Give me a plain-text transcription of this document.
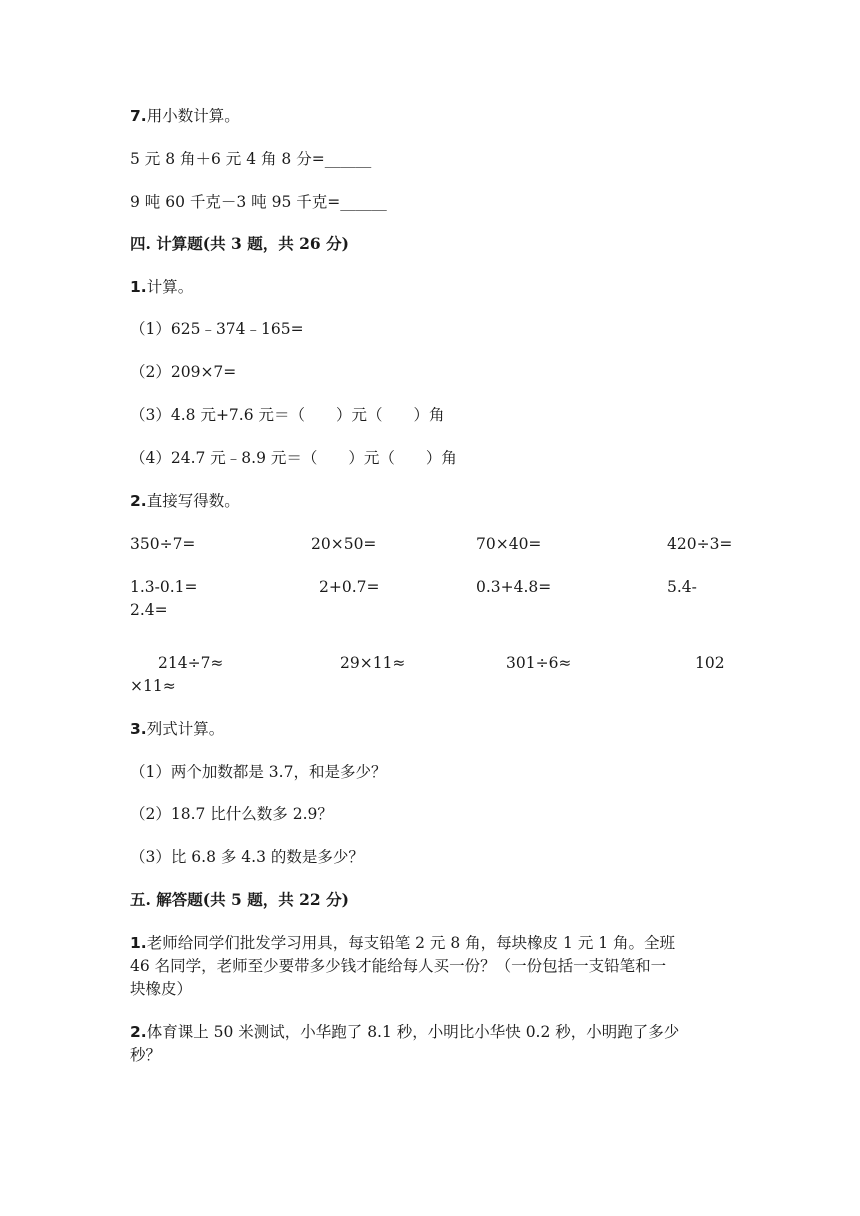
7.用小数计算。
5 元 8 角＋6 元 4 角 8 分=______
9 吨 60 千克－3 吨 95 千克=______
四. 计算题(共 3 题，共 26 分)
1.计算。
（1）625﹣374﹣165=
（2）209×7=
（3）4.8 元+7.6 元＝（　　）元（　　）角
（4）24.7 元﹣8.9 元＝（　　）元（　　）角
2.直接写得数。
350÷7=	20×50=	70×40=	420÷3=
1.3-0.1=	2+0.7=	0.3+4.8=	5.4-
2.4=
214÷7≈	29×11≈	301÷6≈	102
×11≈
3.列式计算。
（1）两个加数都是 3.7，和是多少？
（2）18.7 比什么数多 2.9？
（3）比 6.8 多 4.3 的数是多少？
五. 解答题(共 5 题，共 22 分)
1.老师给同学们批发学习用具，每支铅笔 2 元 8 角，每块橡皮 1 元 1 角。全班
46 名同学，老师至少要带多少钱才能给每人买一份？（一份包括一支铅笔和一
块橡皮）
2.体育课上 50 米测试，小华跑了 8.1 秒，小明比小华快 0.2 秒，小明跑了多少
秒？
